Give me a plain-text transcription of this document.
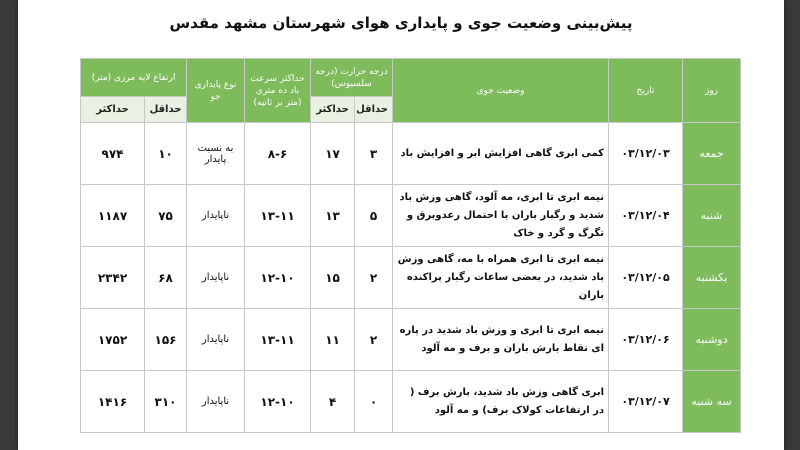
پیش‌بینی وضعیت جوی و پایداری هوای شهرستان مشهد مقدس
روز	تاریخ	وضعیت جوی	درجه حرارت (درجه سلسیوس)		حداکثر سرعت باد ده متری (متر بر ثانیه)	نوع پایداری جو	ارتفاع لایه مرزی (متر)	
			حداقل	حداکثر			حداقل	حداکثر
جمعه	۰۳/۱۲/۰۳	کمی ابری گاهی افزایش ابر و افزایش باد	۳	۱۷	۸-۶	به نسبت پایدار	۱۰	۹۷۴
شنبه	۰۳/۱۲/۰۴	نیمه ابری تا ابری، مه آلود، گاهی وزش باد شدید و رگبار باران با احتمال رعدوبرق و تگرگ و گرد و خاک	۵	۱۳	۱۳-۱۱	ناپایدار	۷۵	۱۱۸۷
یکشنبه	۰۳/۱۲/۰۵	نیمه ابری تا ابری همراه با مه، گاهی وزش باد شدید، در بعضی ساعات رگبار پراکنده باران	۲	۱۵	۱۲-۱۰	ناپایدار	۶۸	۲۳۴۲
دوشنبه	۰۳/۱۲/۰۶	نیمه ابری تا ابری و وزش باد شدید در پاره ای نقاط بارش باران و برف و مه آلود	۲	۱۱	۱۳-۱۱	ناپایدار	۱۵۶	۱۷۵۲
سه شنبه	۰۳/۱۲/۰۷	ابری گاهی وزش باد شدید، بارش برف ( در ارتفاعات کولاک برف) و مه آلود	۰	۴	۱۲-۱۰	ناپایدار	۳۱۰	۱۴۱۶
